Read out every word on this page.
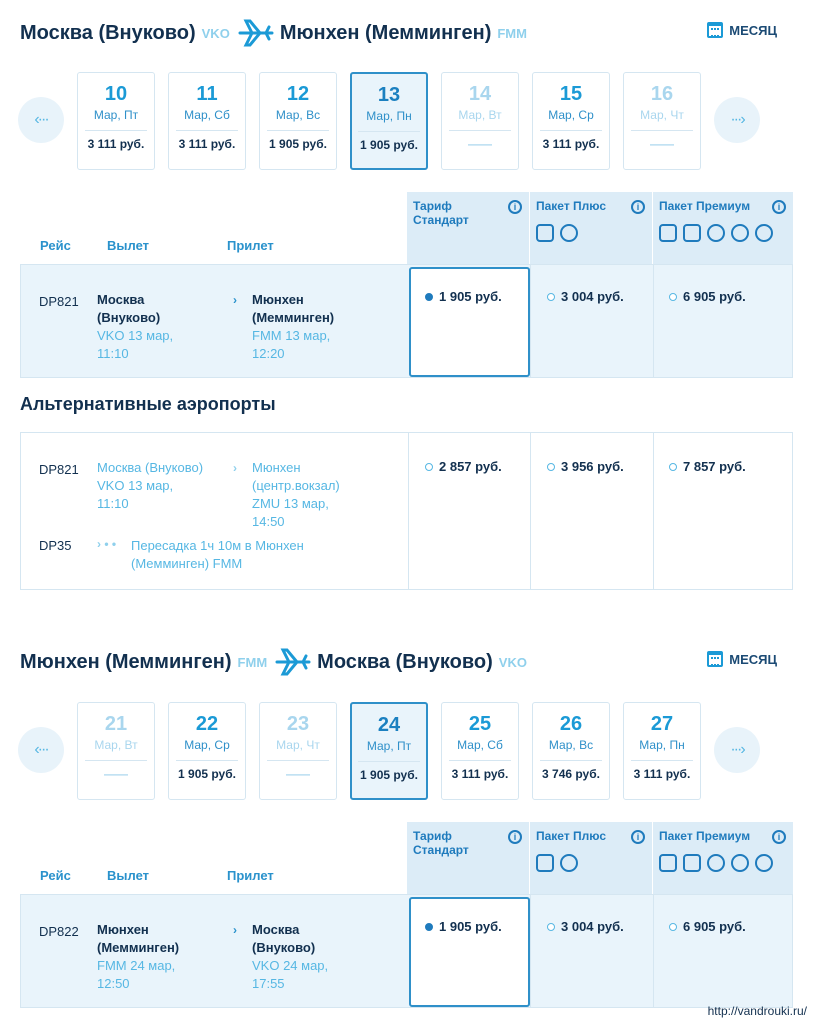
Москва (Внуково) VKO	Мюнхен (Мемминген) FMM	МЕСЯЦ
‹···
10
Мар, Пт
3 111 руб.
11
Мар, Сб
3 111 руб.
12
Мар, Вс
1 905 руб.
13
Мар, Пн
1 905 руб.
14
Мар, Вт
——
15
Мар, Ср
3 111 руб.
16
Мар, Чт
——
···›
Рейс	Вылет	Прилет
Тариф Стандарт
i	Пакет Плюс	i	Пакет Премиум	i
DP821 Москва (Внуково)
VKO 13 мар, 11:10
› Мюнхен (Мемминген)
FMM 13 мар, 12:20
1 905 руб.	3 004 руб.	6 905 руб.
Альтернативные аэропорты
DP821 Москва (Внуково)
VKO 13 мар, 11:10
› Мюнхен (центр.вокзал)
ZMU 13 мар, 14:50
DP35 › • • Пересадка 1ч 10м в Мюнхен (Мемминген) FMM
2 857 руб.	3 956 руб.	7 857 руб.
Мюнхен (Мемминген) FMM	Москва (Внуково) VKO	МЕСЯЦ
‹···
21
Мар, Вт
——
22
Мар, Ср
1 905 руб.
23
Мар, Чт
——
24
Мар, Пт
1 905 руб.
25
Мар, Сб
3 111 руб.
26
Мар, Вс
3 746 руб.
27
Мар, Пн
3 111 руб.
···›
Рейс	Вылет	Прилет
Тариф Стандарт
i	Пакет Плюс	i	Пакет Премиум	i
DP822 Мюнхен (Мемминген)
FMM 24 мар, 12:50
› Москва (Внуково)
VKO 24 мар, 17:55
1 905 руб.	3 004 руб.	6 905 руб.
http://vandrouki.ru/
